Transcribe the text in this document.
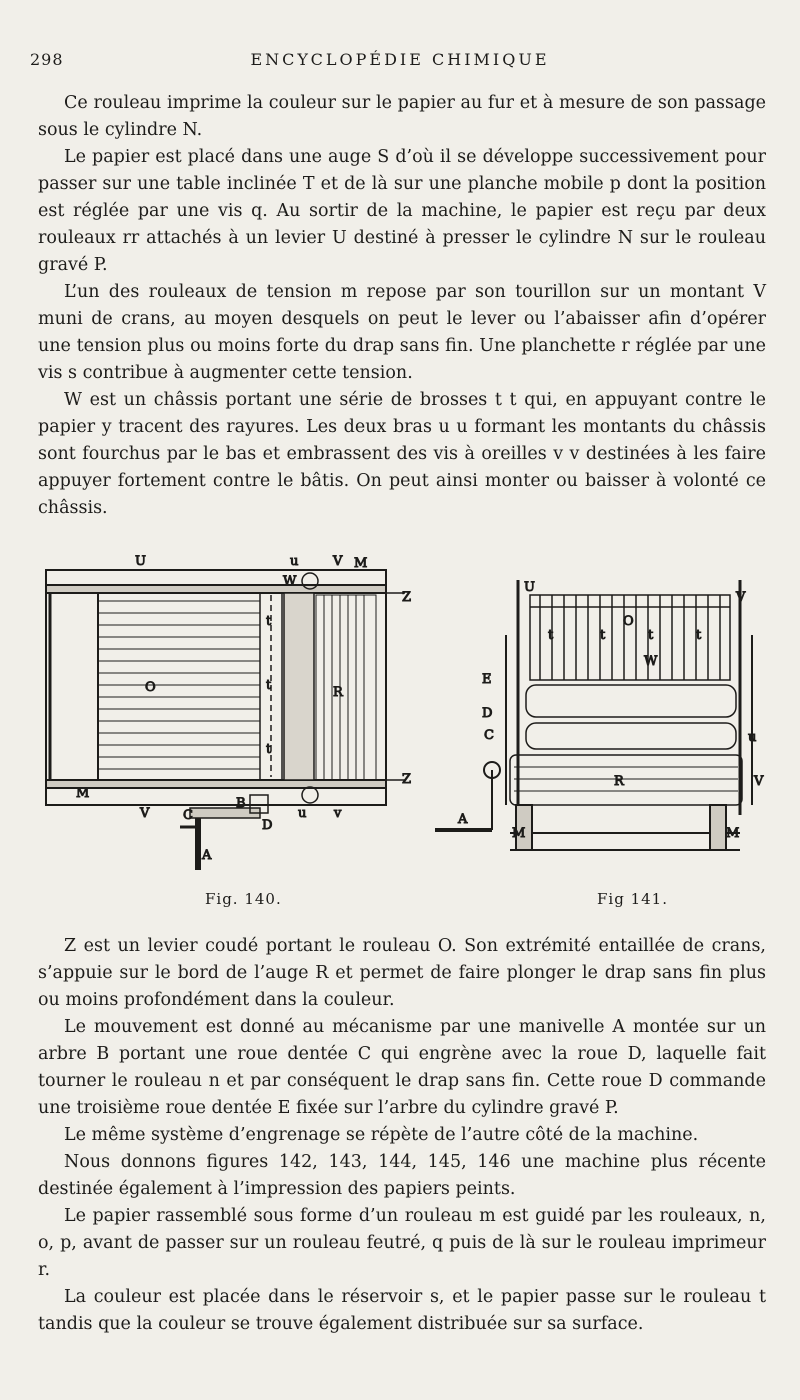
298	ENCYCLOPÉDIE CHIMIQUE

Ce rouleau imprime la couleur sur le papier au fur et à mesure de son passage sous le cylindre N.

Le papier est placé dans une auge S d’où il se développe successivement pour passer sur une table inclinée T et de là sur une planche mobile p dont la position est réglée par une vis q. Au sortir de la machine, le papier est reçu par deux rouleaux rr attachés à un levier U destiné à presser le cylindre N sur le rouleau gravé P.

L’un des rouleaux de tension m repose par son tourillon sur un montant V muni de crans, au moyen desquels on peut le lever ou l’abaisser afin d’opérer une tension plus ou moins forte du drap sans fin. Une planchette r réglée par une vis s contribue à augmenter cette tension.

W est un châssis portant une série de brosses t t qui, en appuyant contre le papier y tracent des rayures. Les deux bras u u formant les montants du châssis sont fourchus par le bas et embrassent des vis à oreilles v v destinées à les faire appuyer fortement contre le bâtis. On peut ainsi monter ou baisser à volonté ce châssis.

U	u	V M
W
Z
Z
O	R
t
t
t
M
V	C
B
D
A
u v
U
V
t	t
O
t	t
W
E
D
C	u
R	V
A
M	M
Fig. 140.	Fig 141.

Z est un levier coudé portant le rouleau O. Son extrémité entaillée de crans, s’appuie sur le bord de l’auge R et permet de faire plonger le drap sans fin plus ou moins profondément dans la couleur.

Le mouvement est donné au mécanisme par une manivelle A montée sur un arbre B portant une roue dentée C qui engrène avec la roue D, laquelle fait tourner le rouleau n et par conséquent le drap sans fin. Cette roue D commande une troisième roue dentée E fixée sur l’arbre du cylindre gravé P.

Le même système d’engrenage se répète de l’autre côté de la machine.

Nous donnons figures 142, 143, 144, 145, 146 une machine plus récente destinée également à l’impression des papiers peints.

Le papier rassemblé sous forme d’un rouleau m est guidé par les rouleaux, n, o, p, avant de passer sur un rouleau feutré, q puis de là sur le rouleau imprimeur r.

La couleur est placée dans le réservoir s, et le papier passe sur le rouleau t tandis que la couleur se trouve également distribuée sur sa surface.
